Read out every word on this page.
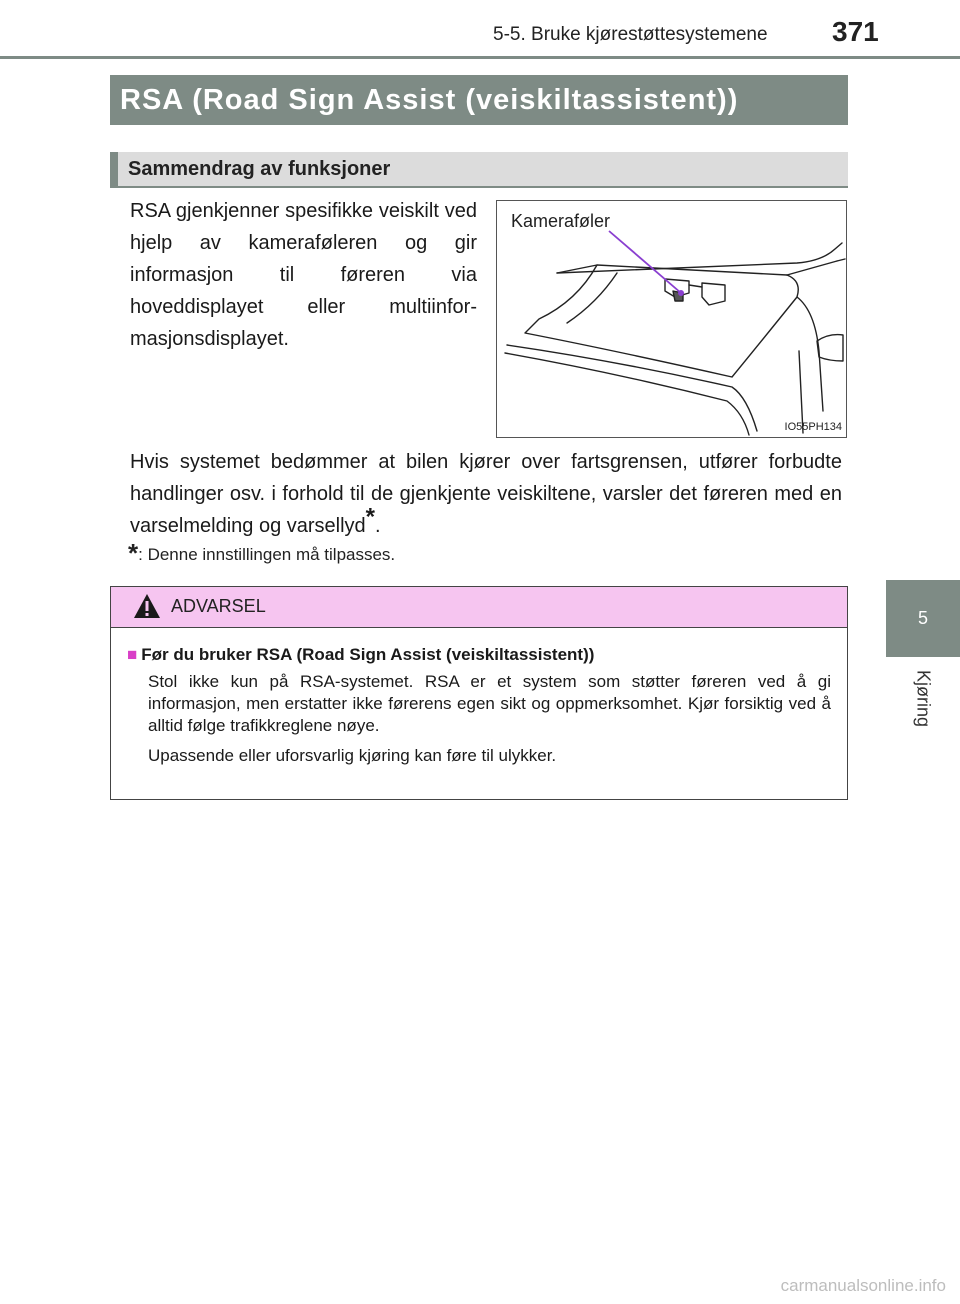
5-5. Bruke kjørestøttesystemene 371
5
Kjøring
RSA (Road Sign Assist (veiskiltassistent))
Sammendrag av funksjoner
RSA gjenkjenner spesifikke veiskilt ved hjelp av kamerafølеren og gir informasjon til føreren via hoveddisplayet eller multiinformasjonsdisplayet.
Kameraføler
IO55PH134
Hvis systemet bedømmer at bilen kjører over fartsgrensen, utfører forbudte handlinger osv. i forhold til de gjenkjente veiskiltene, varsler det føreren med en varselmelding og varsellyd*.
*: Denne innstillingen må tilpasses.
ADVARSEL
■ Før du bruker RSA (Road Sign Assist (veiskiltassistent))
Stol ikke kun på RSA-systemet. RSA er et system som støtter føreren ved å gi informasjon, men erstatter ikke førerens egen sikt og oppmerksomhet. Kjør forsiktig ved å alltid følge trafikkreglene nøye.
Upassende eller uforsvarlig kjøring kan føre til ulykker.
carmanualsonline.info
